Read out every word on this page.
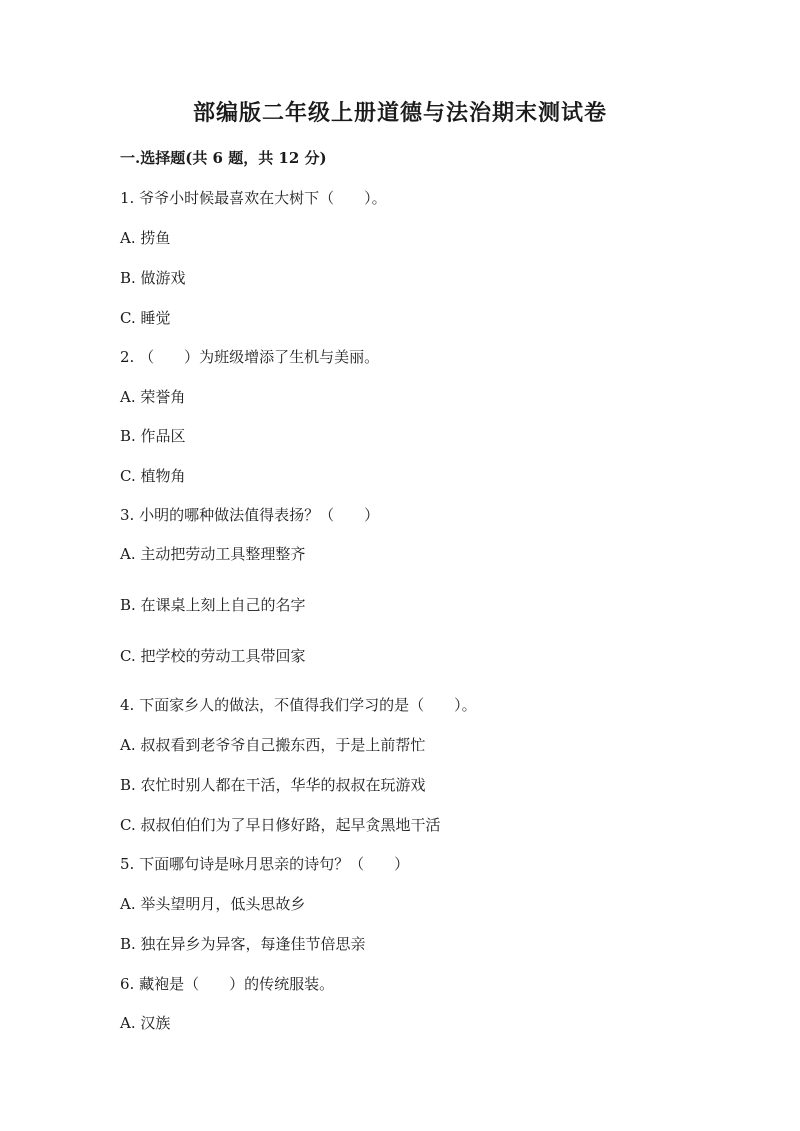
部编版二年级上册道德与法治期末测试卷
一.选择题(共 6 题，共 12 分)
1. 爷爷小时候最喜欢在大树下（　　）。
A. 捞鱼
B. 做游戏
C. 睡觉
2. （　　）为班级增添了生机与美丽。
A. 荣誉角
B. 作品区
C. 植物角
3. 小明的哪种做法值得表扬？（　　）
A. 主动把劳动工具整理整齐
B. 在课桌上刻上自己的名字
C. 把学校的劳动工具带回家
4. 下面家乡人的做法，不值得我们学习的是（　　）。
A. 叔叔看到老爷爷自己搬东西，于是上前帮忙
B. 农忙时别人都在干活，华华的叔叔在玩游戏
C. 叔叔伯伯们为了早日修好路，起早贪黑地干活
5. 下面哪句诗是咏月思亲的诗句？（　　）
A. 举头望明月，低头思故乡
B. 独在异乡为异客，每逢佳节倍思亲
6. 藏袍是（　　）的传统服装。
A. 汉族
